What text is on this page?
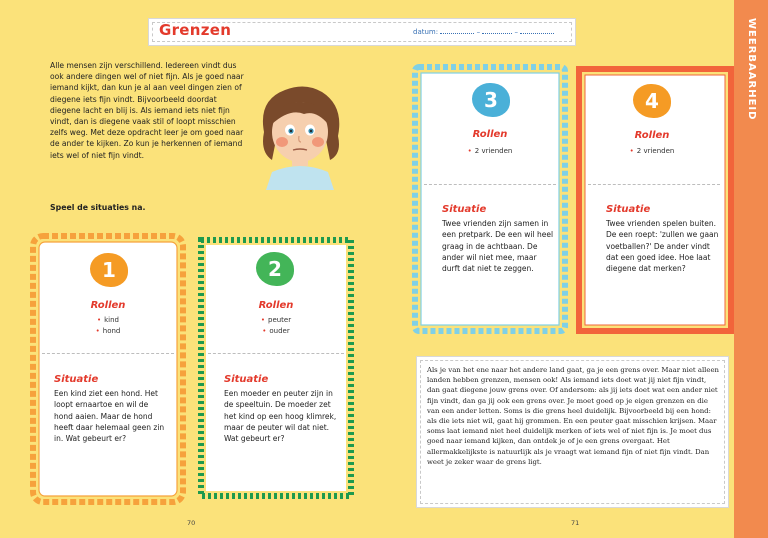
Grenzen	datum:	–	–	WEERBAARHEID
Alle mensen zijn verschillend. Iedereen vindt dus ook andere dingen wel of niet fijn. Als je goed naar iemand kijkt, dan kun je al aan veel dingen zien of diegene iets fijn vindt. Bijvoorbeeld doordat diegene lacht en blij is. Als iemand iets niet fijn vindt, dan is diegene vaak stil of loopt misschien zelfs weg. Met deze opdracht leer je om goed naar de ander te kijken. Zo kun je herkennen of iemand iets wel of niet fijn vindt.
Speel de situaties na.
1
Rollen
• kind
• hond
Situatie
Een kind ziet een hond. Het loopt ernaartoe en wil de hond aaien. Maar de hond heeft daar helemaal geen zin in. Wat gebeurt er?
2
Rollen
• peuter
• ouder
Situatie
Een moeder en peuter zijn in de speeltuin. De moeder zet het kind op een hoog klimrek, maar de peuter wil dat niet. Wat gebeurt er?
3
Rollen
• 2 vrienden
Situatie
Twee vrienden zijn samen in een pretpark. De een wil heel graag in de achtbaan. De ander wil niet mee, maar durft dat niet te zeggen.
4
Rollen
• 2 vrienden
Situatie
Twee vrienden spelen buiten. De een roept: 'zullen we gaan voetballen?' De ander vindt dat een goed idee. Hoe laat diegene dat merken?
Als je van het ene naar het andere land gaat, ga je een grens over. Maar niet alleen landen hebben grenzen, mensen ook! Als iemand iets doet wat jij niet fijn vindt, dan gaat diegene jouw grens over. Of andersom: als jij iets doet wat een ander niet fijn vindt, dan ga jij ook een grens over. Je moet goed op je eigen grenzen en die van een ander letten. Soms is die grens heel duidelijk. Bijvoorbeeld bij een hond: als die iets niet wil, gaat hij grommen. En een peuter gaat misschien krijsen. Maar soms laat iemand niet heel duidelijk merken of iets wel of niet fijn is. Je moet dus goed naar iemand kijken, dan ontdek je of je een grens overgaat. Het allermakkelijkste is natuurlijk als je vraagt wat iemand fijn of niet fijn vindt. Dan weet je zeker waar de grens ligt.
70	71
